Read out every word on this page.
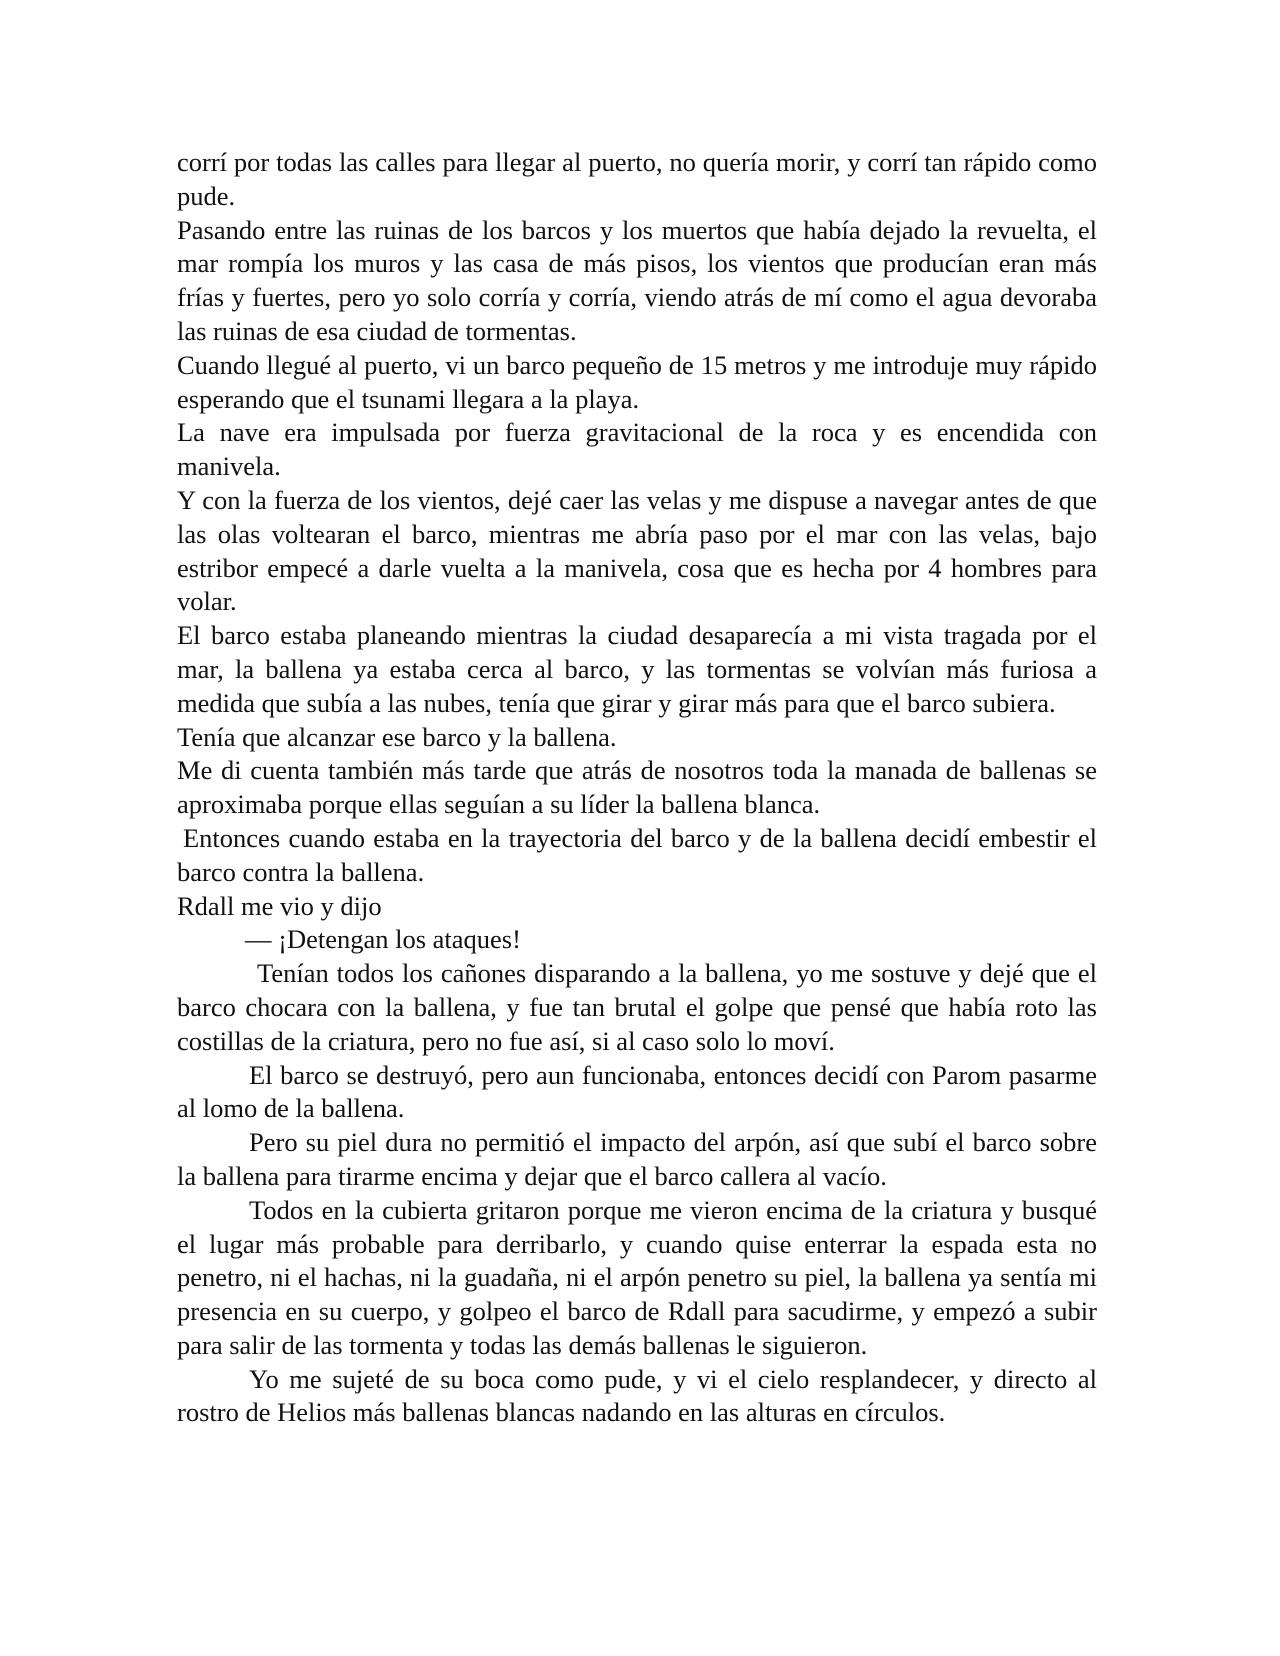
corrí por todas las calles para llegar al puerto, no quería morir, y corrí tan rápido como pude.

Pasando entre las ruinas de los barcos y los muertos que había dejado la revuelta, el mar rompía los muros y las casa de más pisos, los vientos que producían eran más frías y fuertes, pero yo solo corría y corría, viendo atrás de mí como el agua devoraba las ruinas de esa ciudad de tormentas.

Cuando llegué al puerto, vi un barco pequeño de 15 metros y me introduje muy rápido esperando que el tsunami llegara a la playa.

La nave era impulsada por fuerza gravitacional de la roca y es encendida con manivela.

Y con la fuerza de los vientos, dejé caer las velas y me dispuse a navegar antes de que las olas voltearan el barco, mientras me abría paso por el mar con las velas, bajo estribor empecé a darle vuelta a la manivela, cosa que es hecha por 4 hombres para volar.

El barco estaba planeando mientras la ciudad desaparecía a mi vista tragada por el mar, la ballena ya estaba cerca al barco, y las tormentas se volvían más furiosa a medida que subía a las nubes, tenía que girar y girar más para que el barco subiera.

Tenía que alcanzar ese barco y la ballena.

Me di cuenta también más tarde que atrás de nosotros toda la manada de ballenas se aproximaba porque ellas seguían a su líder la ballena blanca.

Entonces cuando estaba en la trayectoria del barco y de la ballena decidí embestir el barco contra la ballena.

Rdall me vio y dijo

— ¡Detengan los ataques!

Tenían todos los cañones disparando a la ballena, yo me sostuve y dejé que el barco chocara con la ballena, y fue tan brutal el golpe que pensé que había roto las costillas de la criatura, pero no fue así, si al caso solo lo moví.

El barco se destruyó, pero aun funcionaba, entonces decidí con Parom pasarme al lomo de la ballena.

Pero su piel dura no permitió el impacto del arpón, así que subí el barco sobre la ballena para tirarme encima y dejar que el barco callera al vacío.

Todos en la cubierta gritaron porque me vieron encima de la criatura y busqué el lugar más probable para derribarlo, y cuando quise enterrar la espada esta no penetro, ni el hachas, ni la guadaña, ni el arpón penetro su piel, la ballena ya sentía mi presencia en su cuerpo, y golpeo el barco de Rdall para sacudirme, y empezó a subir para salir de las tormenta y todas las demás ballenas le siguieron.

Yo me sujeté de su boca como pude, y vi el cielo resplandecer, y directo al rostro de Helios más ballenas blancas nadando en las alturas en círculos.
